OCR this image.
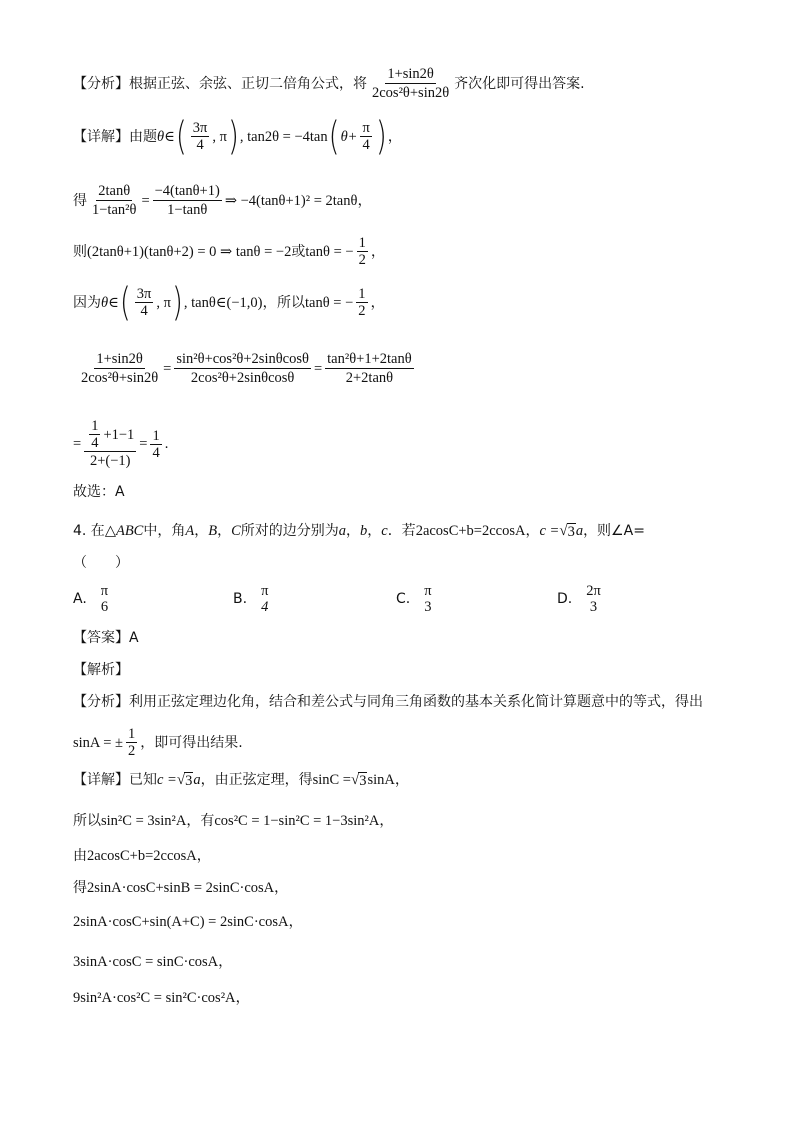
【分析】 根据正弦、余弦、正切二倍角公式，将 $\frac{1+\sin 2\theta}{\text{2cos²θ+sin2θ}}$ 齐次化即可得出答案.
【详解】 由题 θ∈ ( $\frac{3\pi}{4}$ , π ) , tan2θ = −4tan ( $\theta+ \frac{\pi}{4}$ ) ，
得 $\frac{2\tan\theta}{\text{1−tan²θ}} = \frac{-4(\tan\theta+1)}{1-\tan\theta}$ ⇒ −4(tanθ+1)² = 2tanθ，
则 (2tanθ+1)(tanθ+2) = 0 ⇒ tanθ = −2 或 tanθ = − $\frac{1}{2}$ ，
因为 θ∈ ( $\frac{3\pi}{4}$ , π ) , tanθ∈(−1,0)， 所以 tanθ = − $\frac{1}{2}$ ，
$\frac{1+\sin 2\theta}{\text{2cos²θ+sin2θ}} = \frac{\text{sin²θ+cos²θ+2sinθcosθ}}{\text{2cos²θ+2sinθcosθ}} = \frac{\text{tan²θ+1+2tanθ}}{2+2\tan\theta}$
= $\frac{\frac{1}{4} +1-1}{2+(-1)} = \frac{1}{4}$ .
故选：A
4. 在 △ABC 中，角 A ， B ， C 所对的边分别为 a ， b ， c ．若 2acosC+b=2ccosA ， c = √ 3 a ，则∠A=
（　　）
A. π
6	B. π
4	C. π
3	D. 2π
3
【答案】 A
【解析】
【分析】 利用正弦定理边化角，结合和差公式与同角三角函数的基本关系化简计算题意中的等式，得出
sinA = ± $\frac{1}{2}$ ，即可得出结果.
【详解】 已知 c = √ 3 a ，由正弦定理，得 sinC = √ 3 sinA，
所以 sin²C = 3sin²A ，有 cos²C = 1−sin²C = 1−3sin²A ，
由 2acosC+b=2ccosA ，
得 2sinA·cosC+sinB = 2sinC·cosA ，
2sinA·cosC+sin(A+C) = 2sinC·cosA，
3sinA·cosC = sinC·cosA，
9sin²A·cos²C = sin²C·cos²A，
